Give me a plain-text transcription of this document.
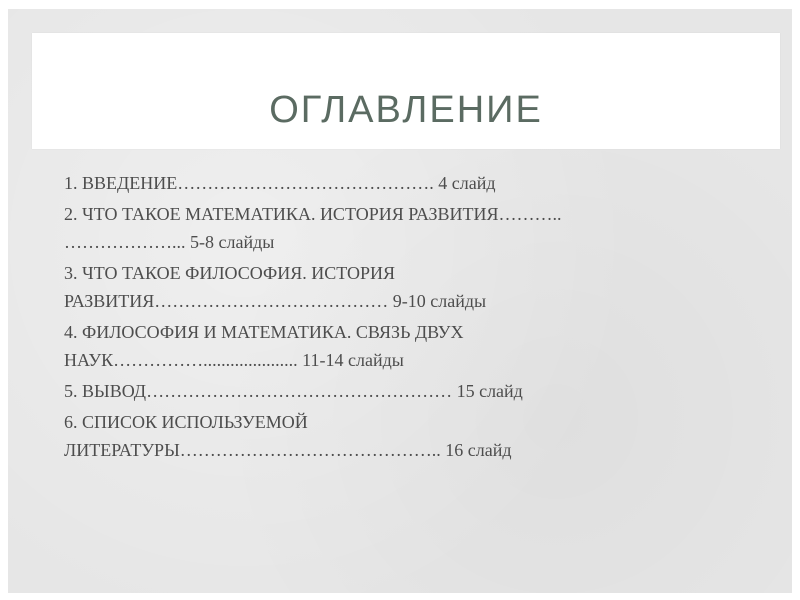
ОГЛАВЛЕНИЕ
1. ВВЕДЕНИЕ……………………………………. 4 слайд
2. ЧТО ТАКОЕ МАТЕМАТИКА. ИСТОРИЯ РАЗВИТИЯ………..
………………... 5-8 слайды
3. ЧТО ТАКОЕ ФИЛОСОФИЯ. ИСТОРИЯ
РАЗВИТИЯ………………………………… 9-10 слайды
4. ФИЛОСОФИЯ И МАТЕМАТИКА. СВЯЗЬ ДВУХ
НАУК……………..................... 11-14 слайды
5. ВЫВОД…………………………………………… 15 слайд
6. СПИСОК ИСПОЛЬЗУЕМОЙ
ЛИТЕРАТУРЫ…………………………………….. 16 слайд
